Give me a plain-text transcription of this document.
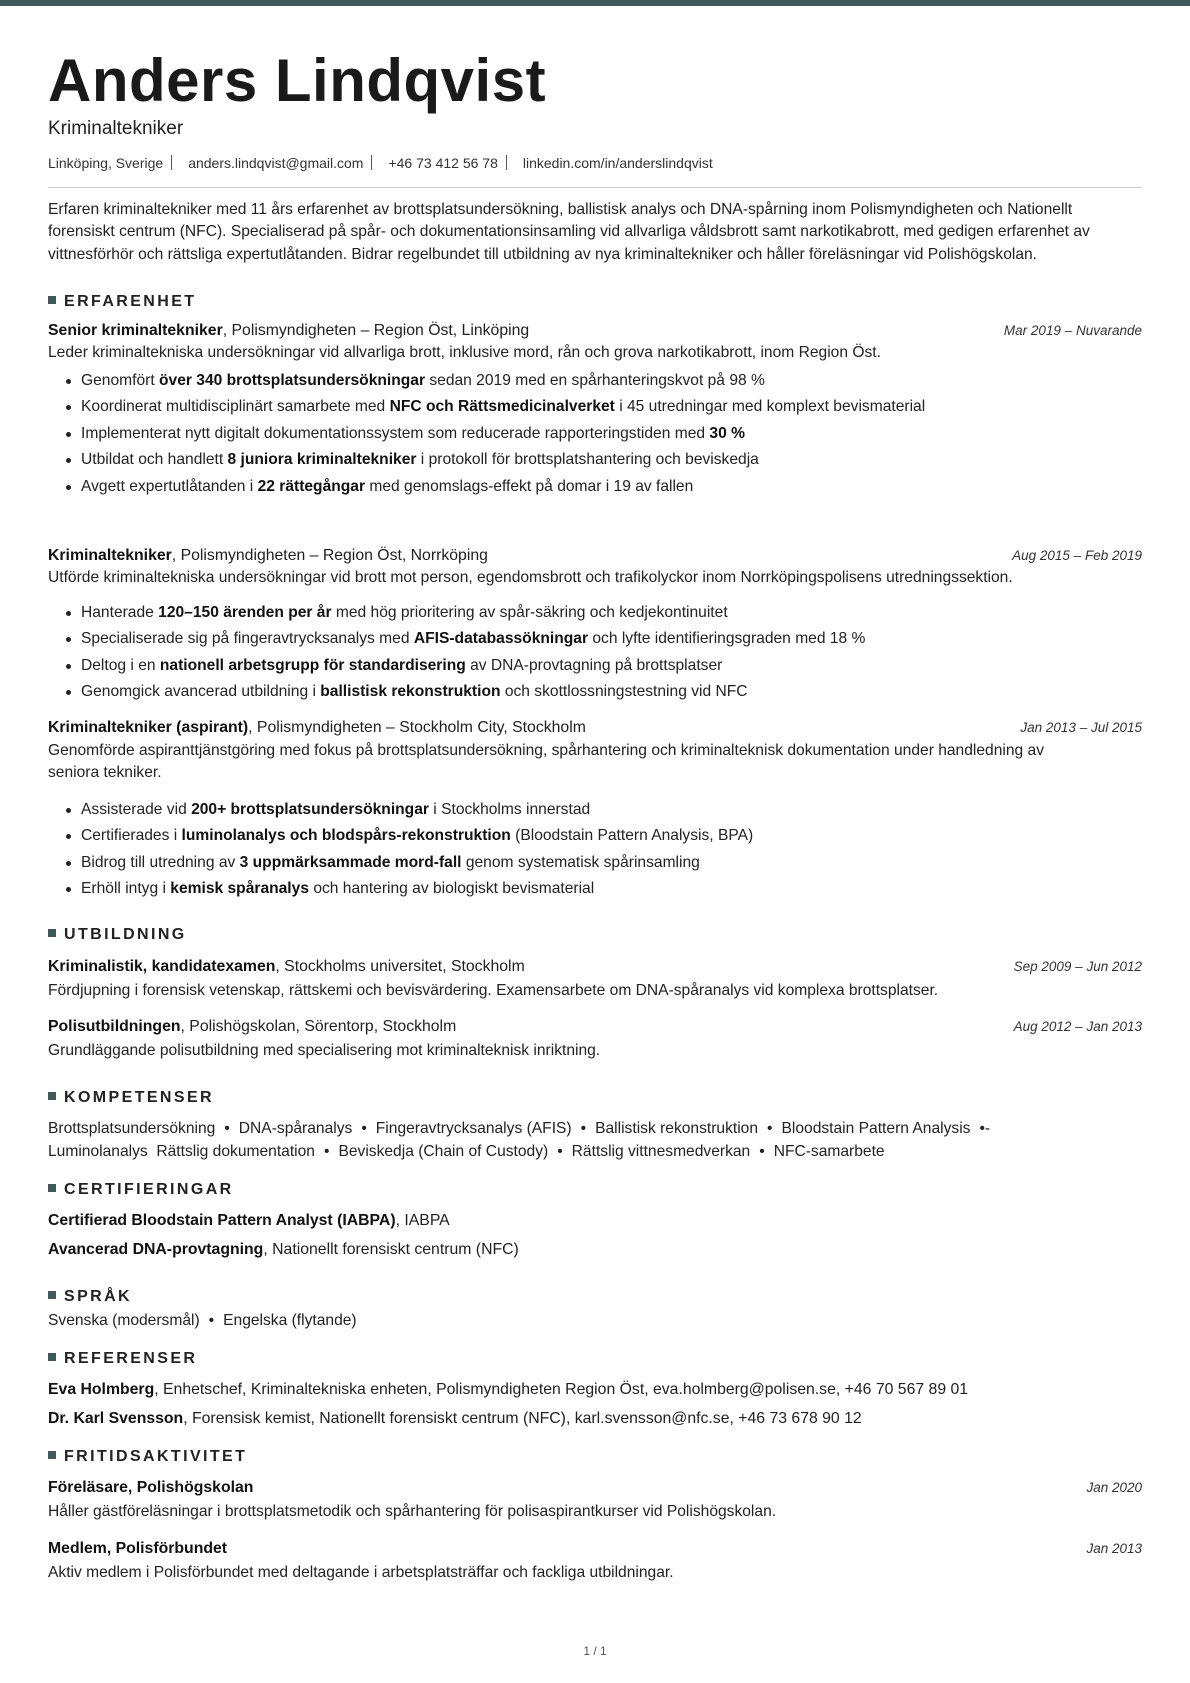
Anders Lindqvist
Kriminaltekniker
Linköping, Sverige anders.lindqvist@gmail.com +46 73 412 56 78 linkedin.com/in/anderslindqvist
Erfaren kriminaltekniker med 11 års erfarenhet av brottsplatsundersökning, ballistisk analys och DNA-spårning inom Polismyndigheten och Nationellt forensiskt centrum (NFC). Specialiserad på spår- och dokumentationsinsamling vid allvarliga våldsbrott samt narkotikabrott, med gedigen erfarenhet av vittnesförhör och rättsliga expertutlåtanden. Bidrar regelbundet till utbildning av nya kriminaltekniker och håller föreläsningar vid Polishögskolan.
ERFARENHET
Senior kriminaltekniker, Polismyndigheten – Region Öst, Linköping	Mar 2019 – Nuvarande
Leder kriminaltekniska undersökningar vid allvarliga brott, inklusive mord, rån och grova narkotikabrott, inom Region Öst.
Genomfört över 340 brottsplatsundersökningar sedan 2019 med en spårhanteringskvot på 98 %
Koordinerat multidisciplinärt samarbete med NFC och Rättsmedicinalverket i 45 utredningar med komplext bevismaterial
Implementerat nytt digitalt dokumentationssystem som reducerade rapporteringstiden med 30 %
Utbildat och handlett 8 juniora kriminaltekniker i protokoll för brottsplatshantering och beviskedja
Avgett expertutlåtanden i 22 rättegångar med genomslags-effekt på domar i 19 av fallen
Kriminaltekniker, Polismyndigheten – Region Öst, Norrköping	Aug 2015 – Feb 2019
Utförde kriminaltekniska undersökningar vid brott mot person, egendomsbrott och trafikolyckor inom Norrköpingspolisens utredningssektion.
Hanterade 120–150 ärenden per år med hög prioritering av spår-säkring och kedjekontinuitet
Specialiserade sig på fingeravtrycksanalys med AFIS-databassökningar och lyfte identifieringsgraden med 18 %
Deltog i en nationell arbetsgrupp för standardisering av DNA-provtagning på brottsplatser
Genomgick avancerad utbildning i ballistisk rekonstruktion och skottlossningstestning vid NFC
Kriminaltekniker (aspirant), Polismyndigheten – Stockholm City, Stockholm	Jan 2013 – Jul 2015
Genomförde aspiranttjänstgöring med fokus på brottsplatsundersökning, spårhantering och kriminalteknisk dokumentation under handledning av
seniora tekniker.
Assisterade vid 200+ brottsplatsundersökningar i Stockholms innerstad
Certifierades i luminolanalys och blodspårs-rekonstruktion (Bloodstain Pattern Analysis, BPA)
Bidrog till utredning av 3 uppmärksammade mord-fall genom systematisk spårinsamling
Erhöll intyg i kemisk spåranalys och hantering av biologiskt bevismaterial
UTBILDNING
Kriminalistik, kandidatexamen, Stockholms universitet, Stockholm	Sep 2009 – Jun 2012
Fördjupning i forensisk vetenskap, rättskemi och bevisvärdering. Examensarbete om DNA-spåranalys vid komplexa brottsplatser.
Polisutbildningen, Polishögskolan, Sörentorp, Stockholm	Aug 2012 – Jan 2013
Grundläggande polisutbildning med specialisering mot kriminalteknisk inriktning.
KOMPETENSER
Brottsplatsundersökning • DNA-spåranalys • Fingeravtrycksanalys (AFIS) • Ballistisk rekonstruktion • Bloodstain Pattern Analysis •-
Luminolanalys  Rättslig dokumentation • Beviskedja (Chain of Custody) • Rättslig vittnesmedverkan • NFC-samarbete
CERTIFIERINGAR
Certifierad Bloodstain Pattern Analyst (IABPA), IABPA
Avancerad DNA-provtagning, Nationellt forensiskt centrum (NFC)
SPRÅK
Svenska (modersmål) • Engelska (flytande)
REFERENSER
Eva Holmberg, Enhetschef, Kriminaltekniska enheten, Polismyndigheten Region Öst, eva.holmberg@polisen.se, +46 70 567 89 01
Dr. Karl Svensson, Forensisk kemist, Nationellt forensiskt centrum (NFC), karl.svensson@nfc.se, +46 73 678 90 12
FRITIDSAKTIVITET
Föreläsare, Polishögskolan	Jan 2020
Håller gästföreläsningar i brottsplatsmetodik och spårhantering för polisaspirantkurser vid Polishögskolan.
Medlem, Polisförbundet	Jan 2013
Aktiv medlem i Polisförbundet med deltagande i arbetsplatsträffar och fackliga utbildningar.
1 / 1
